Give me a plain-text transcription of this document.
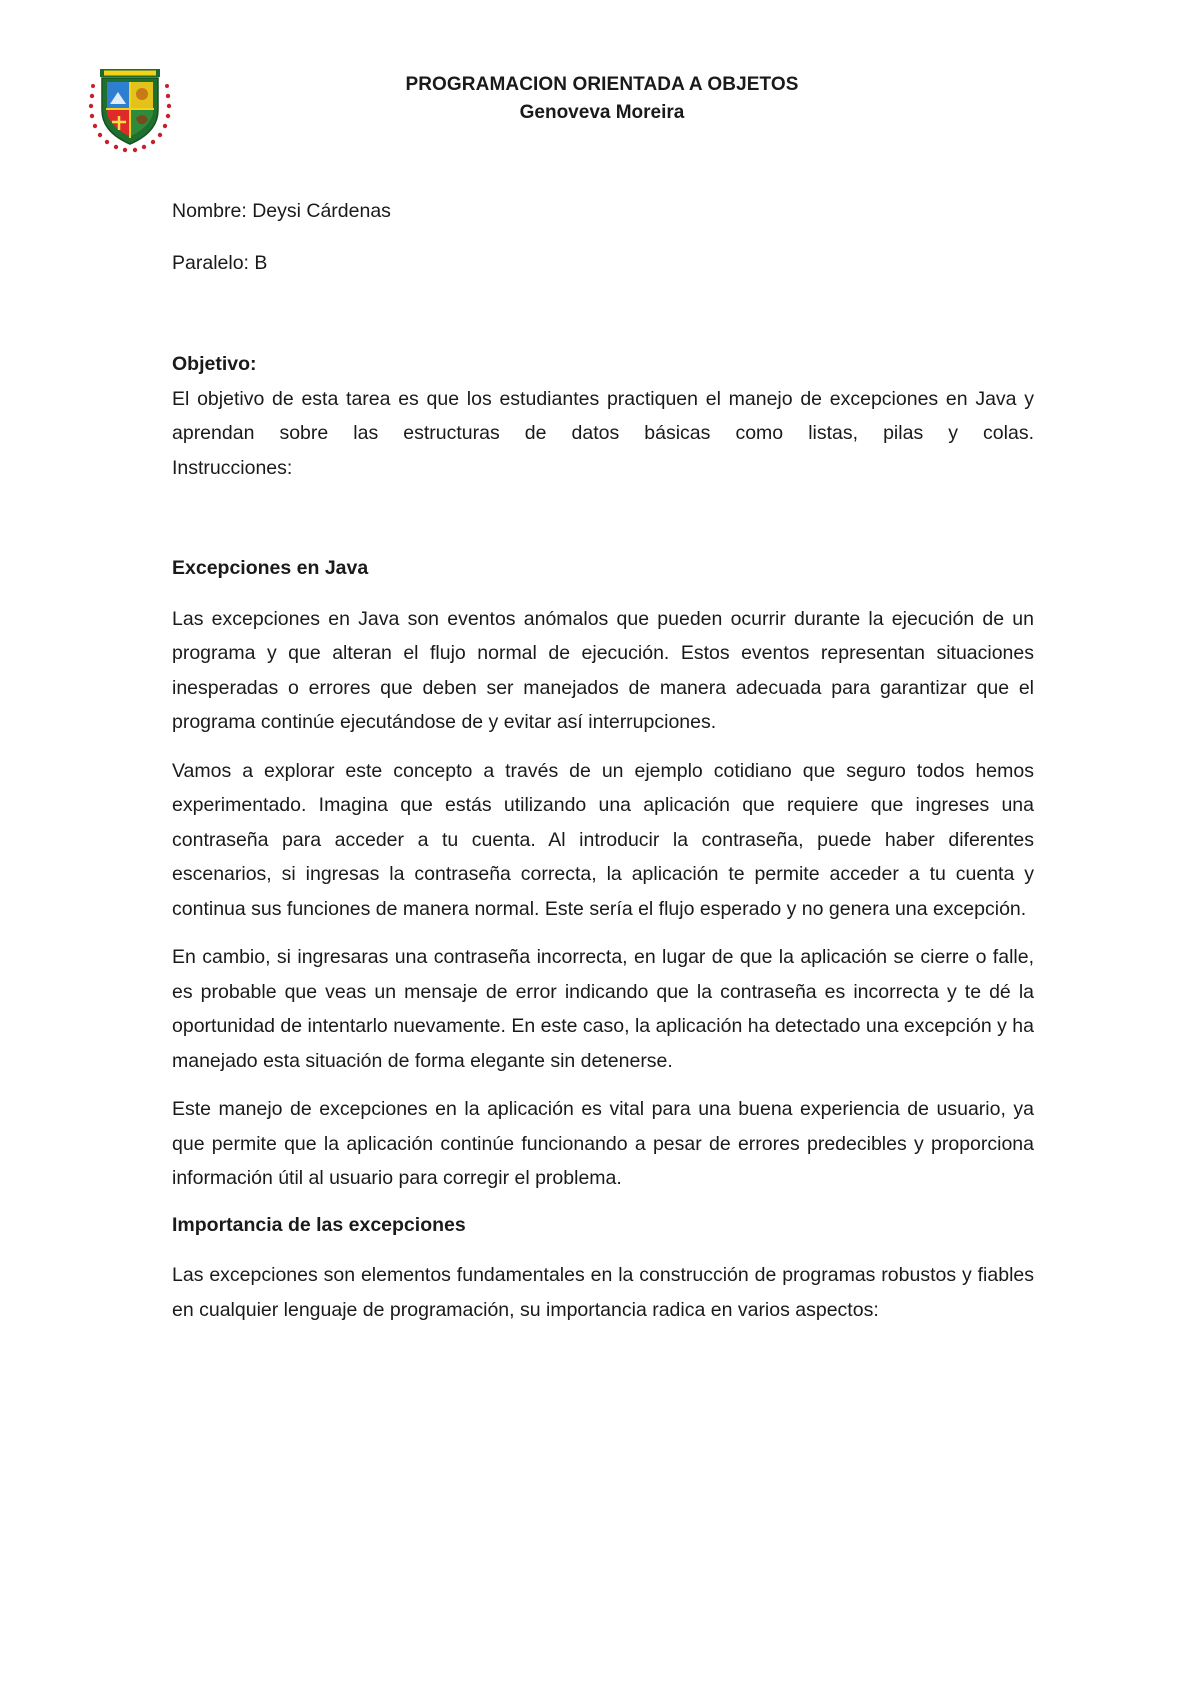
PROGRAMACION ORIENTADA A OBJETOS
Genoveva Moreira

Nombre: Deysi Cárdenas

Paralelo: B

Objetivo:

El objetivo de esta tarea es que los estudiantes practiquen el manejo de excepciones en Java y aprendan sobre las estructuras de datos básicas como listas, pilas y colas.

Instrucciones:

Excepciones en Java

Las excepciones en Java son eventos anómalos que pueden ocurrir durante la ejecución de un programa y que alteran el flujo normal de ejecución. Estos eventos representan situaciones inesperadas o errores que deben ser manejados de manera adecuada para garantizar que el programa continúe ejecutándose de y evitar así interrupciones.

Vamos a explorar este concepto a través de un ejemplo cotidiano que seguro todos hemos experimentado. Imagina que estás utilizando una aplicación que requiere que ingreses una contraseña para acceder a tu cuenta. Al introducir la contraseña, puede haber diferentes escenarios, si ingresas la contraseña correcta, la aplicación te permite acceder a tu cuenta y continua sus funciones de manera normal. Este sería el flujo esperado y no genera una excepción.

En cambio, si ingresaras una contraseña incorrecta, en lugar de que la aplicación se cierre o falle, es probable que veas un mensaje de error indicando que la contraseña es incorrecta y te dé la oportunidad de intentarlo nuevamente. En este caso, la aplicación ha detectado una excepción y ha manejado esta situación de forma elegante sin detenerse.

Este manejo de excepciones en la aplicación es vital para una buena experiencia de usuario, ya que permite que la aplicación continúe funcionando a pesar de errores predecibles y proporciona información útil al usuario para corregir el problema.

Importancia de las excepciones

Las excepciones son elementos fundamentales en la construcción de programas robustos y fiables en cualquier lenguaje de programación, su importancia radica en varios aspectos:
